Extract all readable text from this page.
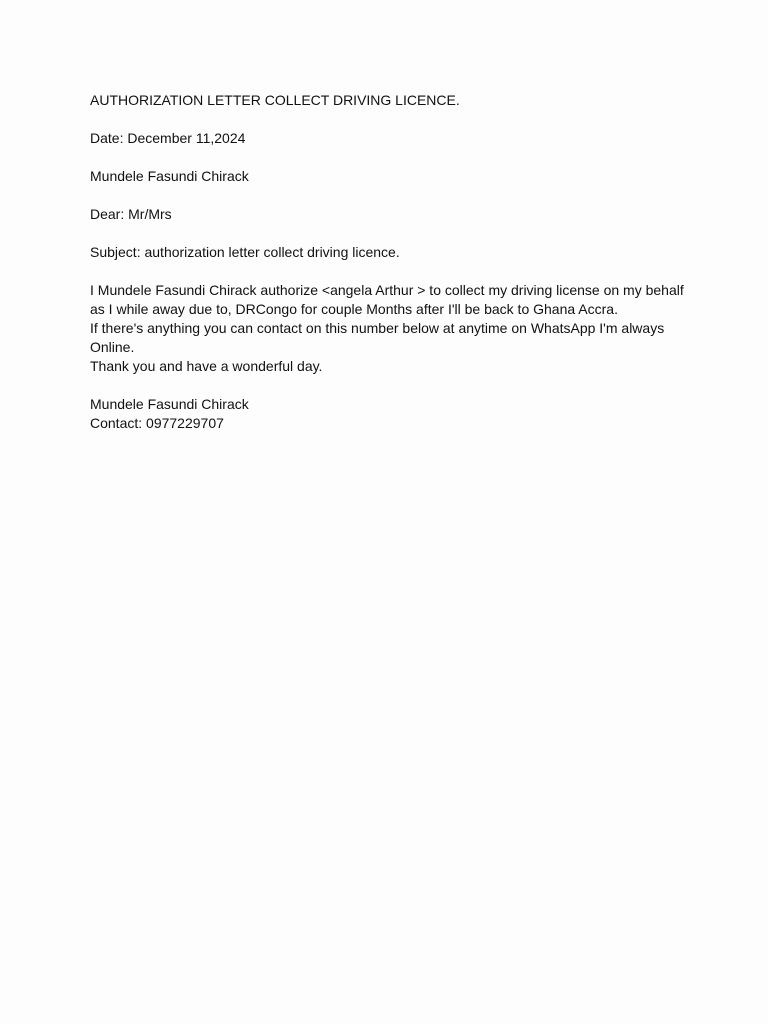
AUTHORIZATION LETTER COLLECT DRIVING LICENCE.

Date: December 11,2024

Mundele Fasundi Chirack

Dear: Mr/Mrs

Subject: authorization letter collect driving licence.

I Mundele Fasundi Chirack authorize <angela Arthur > to collect my driving license on my behalf

as I while away due to, DRCongo for couple Months after I'll be back to Ghana Accra.

If there's anything you can contact on this number below at anytime on WhatsApp I'm always

Online.

Thank you and have a wonderful day.

Mundele Fasundi Chirack

Contact: 0977229707
